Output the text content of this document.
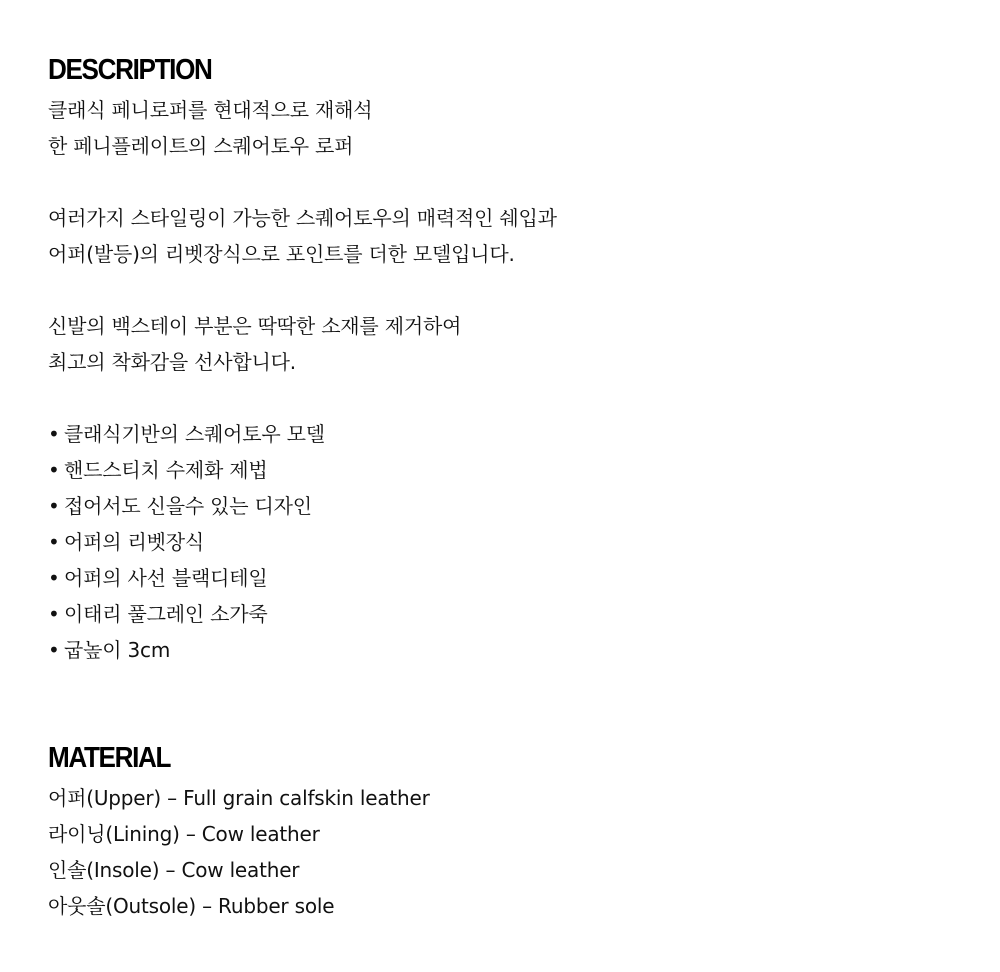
DESCRIPTION
클래식 페니로퍼를 현대적으로 재해석
한 페니플레이트의 스퀘어토우 로퍼
여러가지 스타일링이 가능한 스퀘어토우의 매력적인 쉐입과
어퍼(발등)의 리벳장식으로 포인트를 더한 모델입니다.
신발의 백스테이 부분은 딱딱한 소재를 제거하여
최고의 착화감을 선사합니다.
• 클래식기반의 스퀘어토우 모델
• 핸드스티치 수제화 제법
• 접어서도 신을수 있는 디자인
• 어퍼의 리벳장식
• 어퍼의 사선 블랙디테일
• 이태리 풀그레인 소가죽
• 굽높이 3cm
MATERIAL
어퍼(Upper) – Full grain calfskin leather
라이닝(Lining) – Cow leather
인솔(Insole) – Cow leather
아웃솔(Outsole) – Rubber sole
